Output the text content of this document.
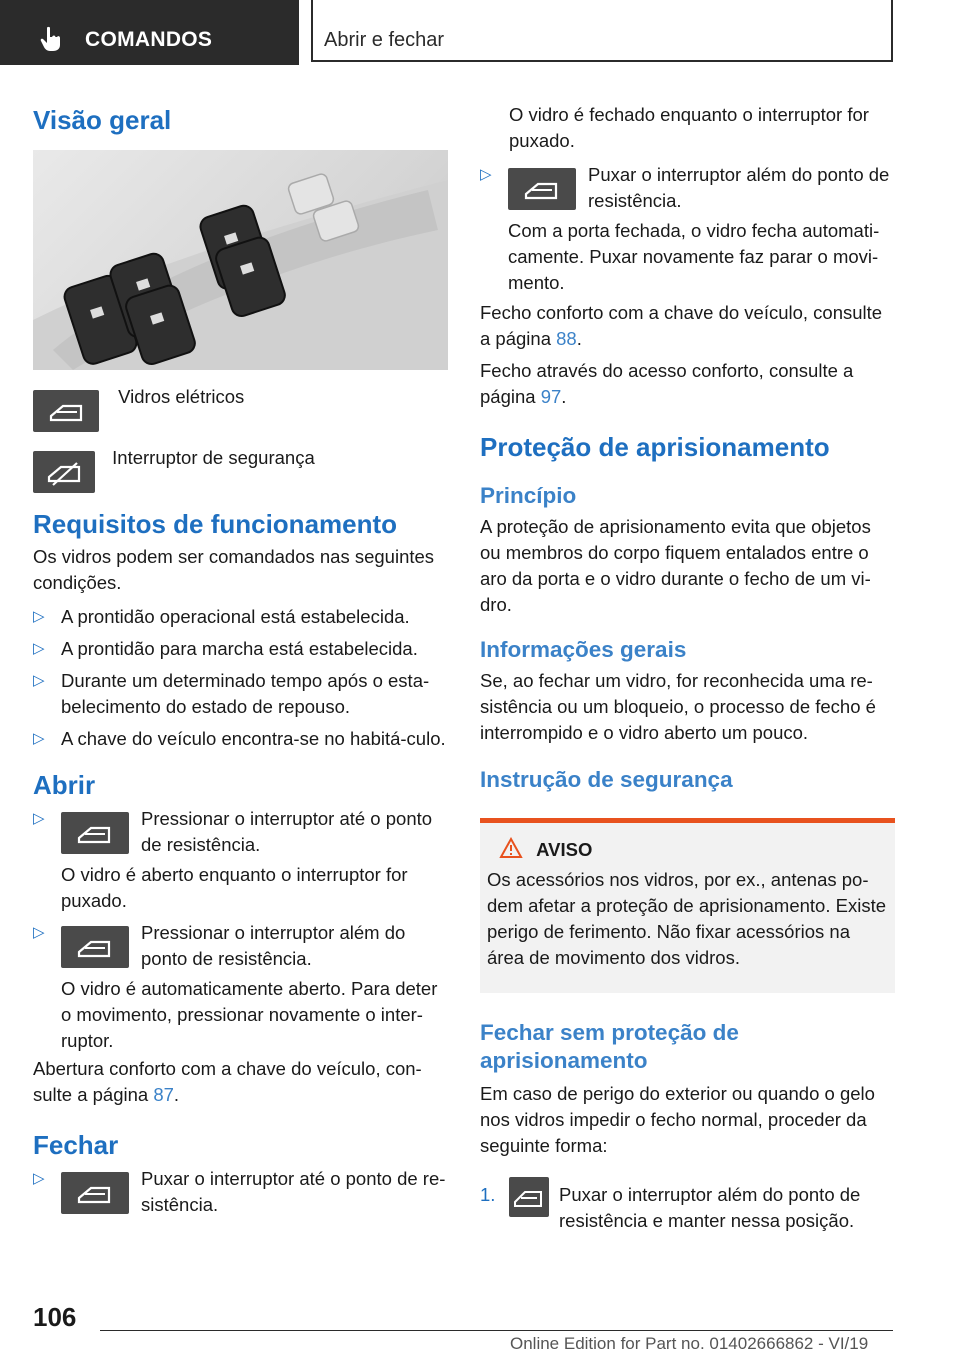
COMANDOS	Abrir e fechar
Visão geral
Vidros elétricos
Interruptor de segurança
Requisitos de funcionamento

Os vidros podem ser comandados nas seguintes condições.

▷ A prontidão operacional está estabelecida.
▷ A prontidão para marcha está estabelecida.
▷ Durante um determinado tempo após o esta-belecimento do estado de repouso.
▷ A chave do veículo encontra-se no habitá-culo.
Abrir
▷	Pressionar o interruptor até o ponto de resistência.

O vidro é aberto enquanto o interruptor for puxado.

▷	Pressionar o interruptor além do ponto de resistência.

O vidro é automaticamente aberto. Para deter o movimento, pressionar novamente o inter-ruptor.

Abertura conforto com a chave do veículo, con-sulte a página 87.

Fechar
▷	Puxar o interruptor até o ponto de re-sistência.

O vidro é fechado enquanto o interruptor for puxado.

▷	Puxar o interruptor além do ponto de resistência.

Com a porta fechada, o vidro fecha automati-camente. Puxar novamente faz parar o movi-mento.

Fecho conforto com a chave do veículo, consulte a página 88.

Fecho através do acesso conforto, consulte a página 97.

Proteção de aprisionamento
Princípio

A proteção de aprisionamento evita que objetos ou membros do corpo fiquem entalados entre o aro da porta e o vidro durante o fecho de um vi-dro.

Informações gerais

Se, ao fechar um vidro, for reconhecida uma re-sistência ou um bloqueio, o processo de fecho é interrompido e o vidro aberto um pouco.

Instrução de segurança
AVISO

Os acessórios nos vidros, por ex., antenas po-dem afetar a proteção de aprisionamento. Existe perigo de ferimento. Não fixar acessórios na área de movimento dos vidros.

Fechar sem proteção de aprisionamento

Em caso de perigo do exterior ou quando o gelo nos vidros impedir o fecho normal, proceder da seguinte forma:

1.	Puxar o interruptor além do ponto de resistência e manter nessa posição.
106
Online Edition for Part no. 01402666862 - VI/19
